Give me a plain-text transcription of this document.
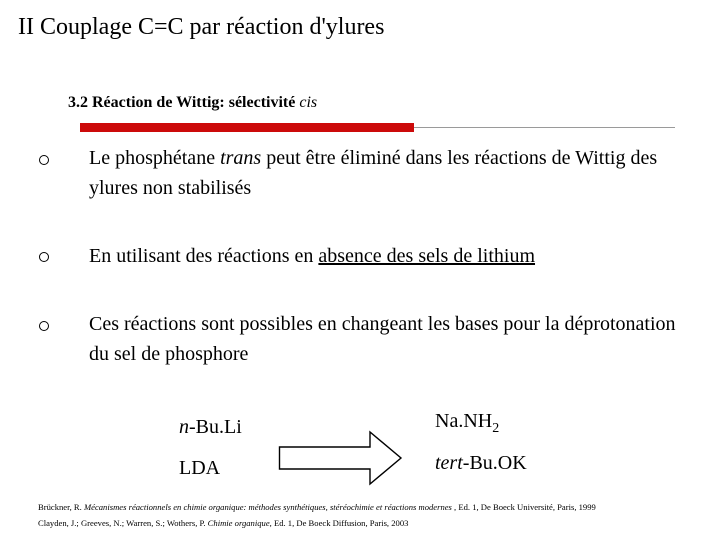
II Couplage C=C par réaction d'ylures
3.2 Réaction de Wittig: sélectivité cis
Le phosphétane trans peut être éliminé dans les réactions de Wittig des ylures non stabilisés
En utilisant des réactions en absence des sels de lithium
Ces réactions sont possibles en changeant les bases pour la déprotonation du sel de phosphore
n-Bu.Li
LDA
$Na.NH_2$
tert-Bu.OK
Brückner, R. Mécanismes réactionnels en chimie organique: méthodes synthétiques, stéréochimie et réactions modernes , Ed. 1, De Boeck Université, Paris, 1999
Clayden, J.; Greeves, N.; Warren, S.; Wothers, P. Chimie organique, Ed. 1, De Boeck Diffusion, Paris, 2003
